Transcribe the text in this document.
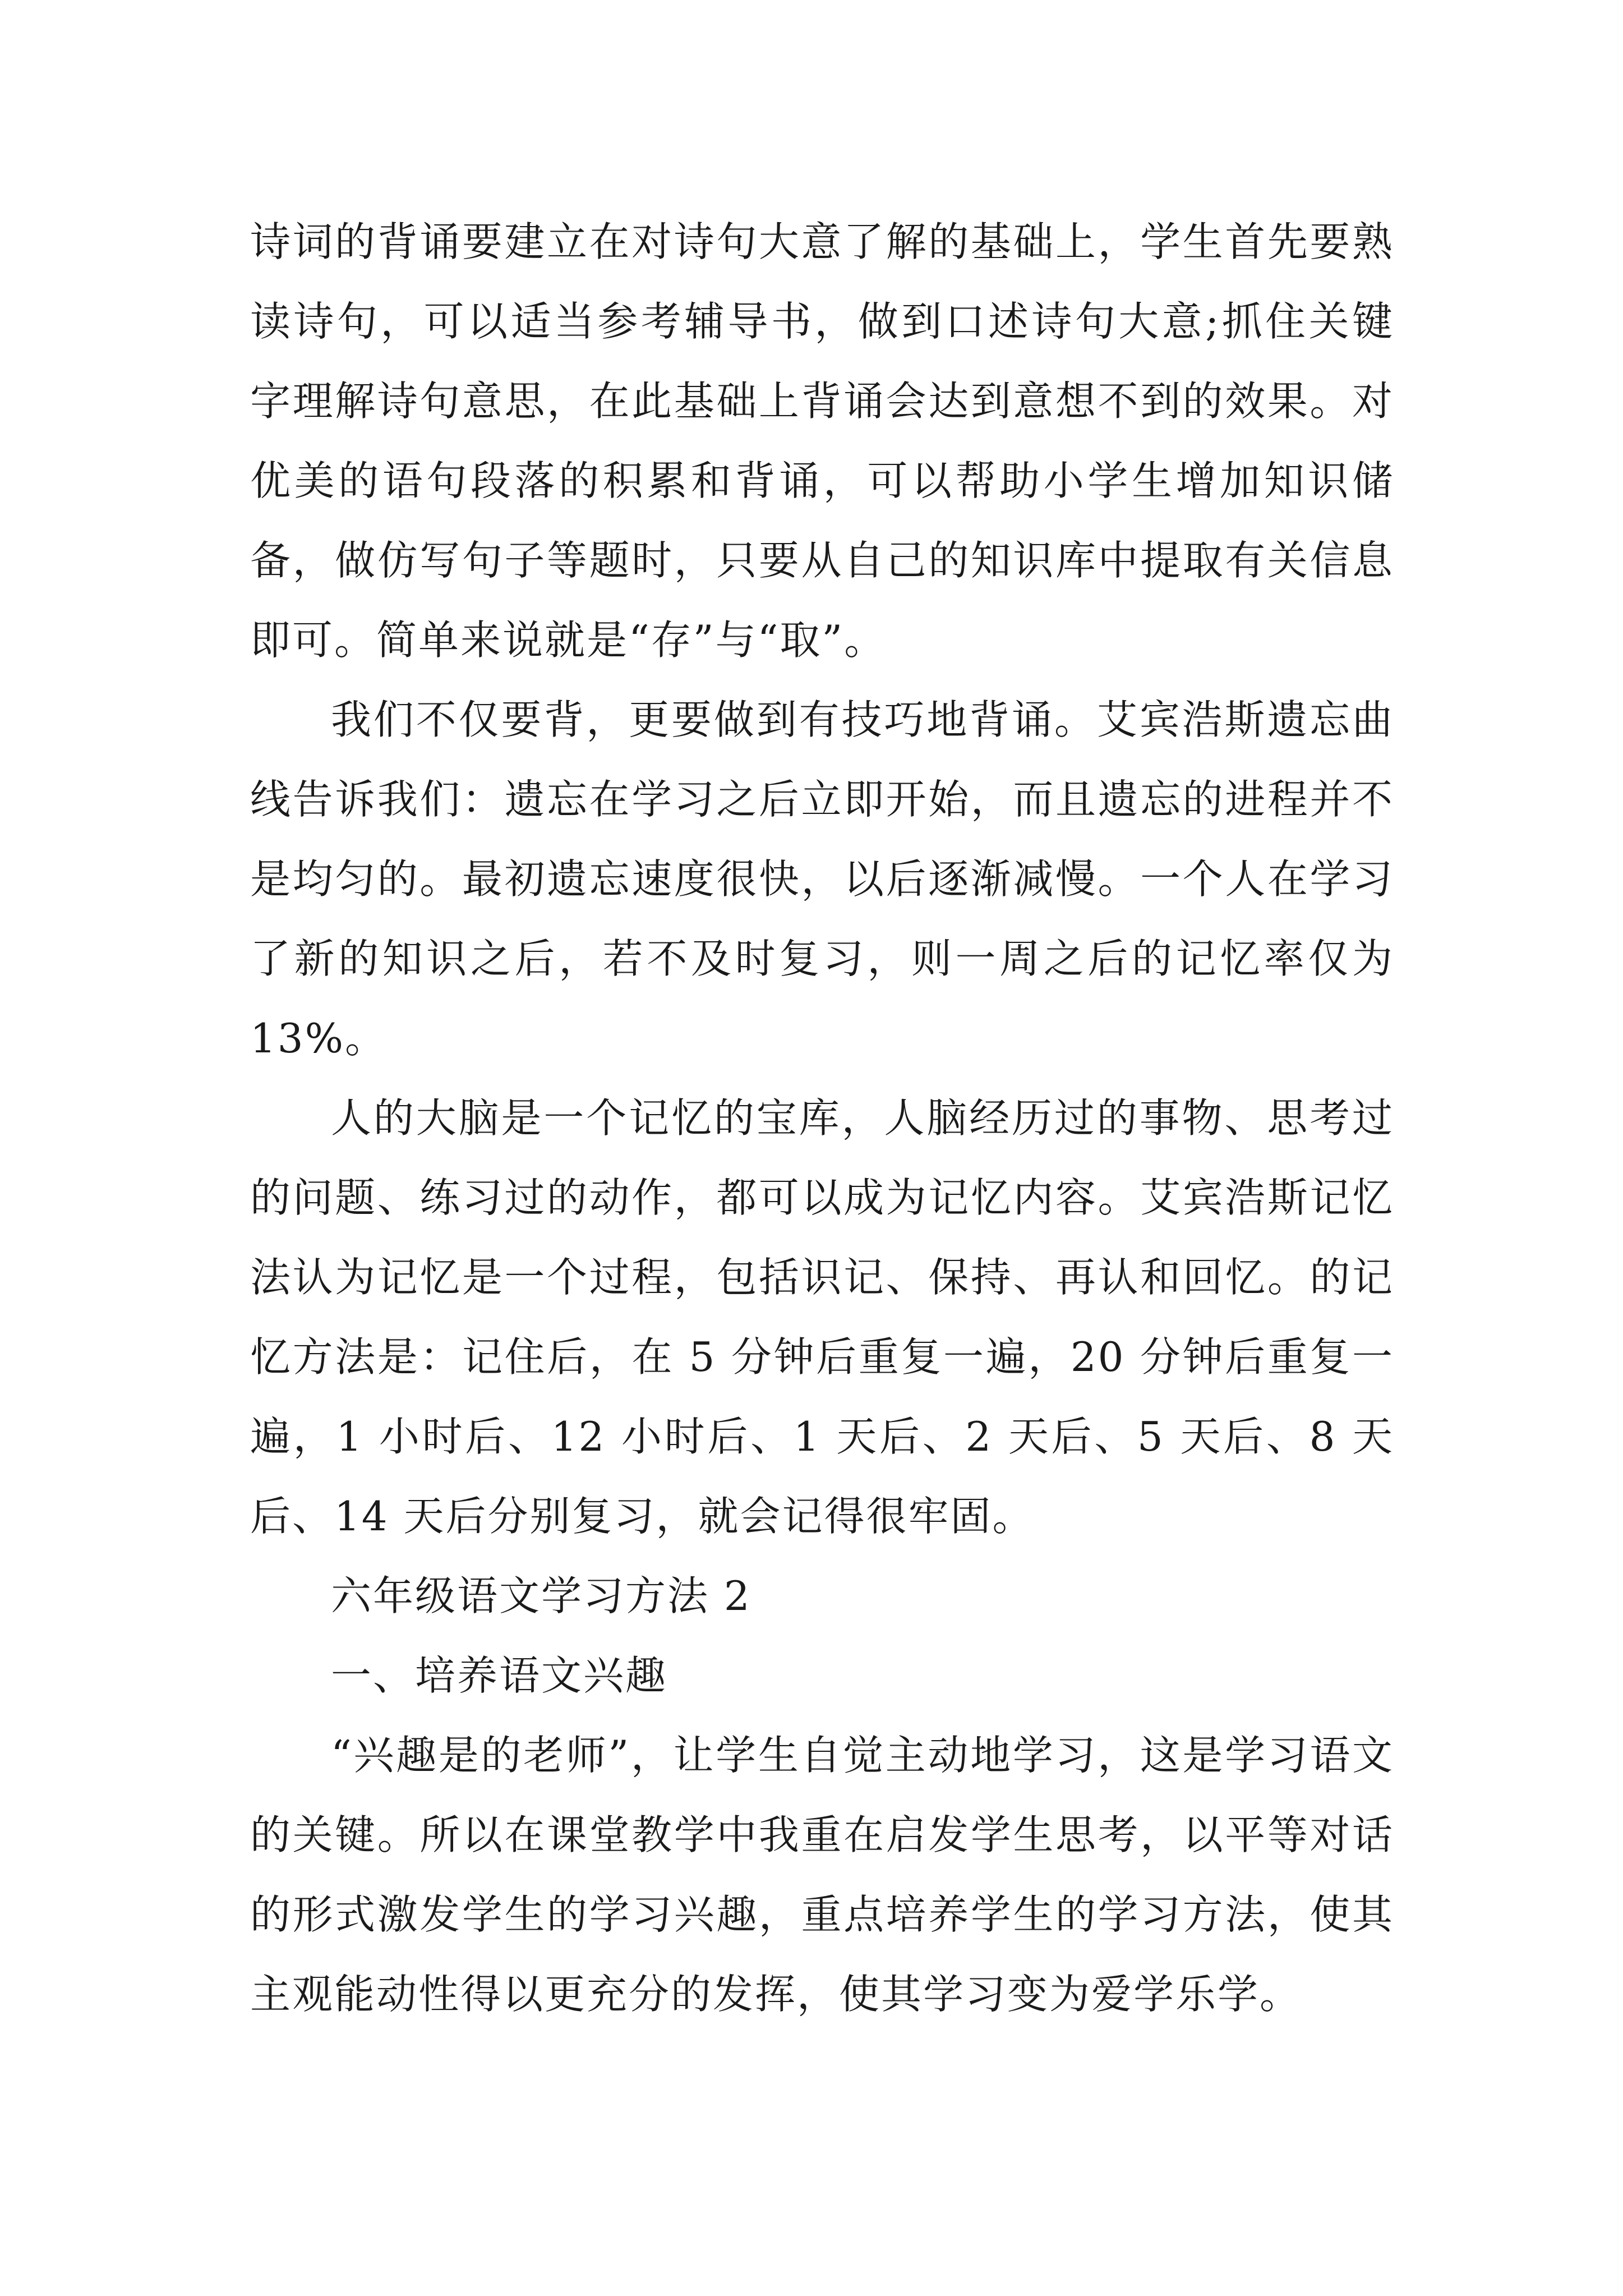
诗词的背诵要建立在对诗句大意了解的基础上，学生首先要熟读诗句，可以适当参考辅导书，做到口述诗句大意;抓住关键字理解诗句意思，在此基础上背诵会达到意想不到的效果。对优美的语句段落的积累和背诵，可以帮助小学生增加知识储备，做仿写句子等题时，只要从自己的知识库中提取有关信息即可。简单来说就是“存”与“取”。

我们不仅要背，更要做到有技巧地背诵。艾宾浩斯遗忘曲线告诉我们：遗忘在学习之后立即开始，而且遗忘的进程并不是均匀的。最初遗忘速度很快，以后逐渐减慢。一个人在学习了新的知识之后，若不及时复习，则一周之后的记忆率仅为 13%。

人的大脑是一个记忆的宝库，人脑经历过的事物、思考过的问题、练习过的动作，都可以成为记忆内容。艾宾浩斯记忆法认为记忆是一个过程，包括识记、保持、再认和回忆。的记忆方法是：记住后，在 5 分钟后重复一遍，20 分钟后重复一遍，1 小时后、12 小时后、1 天后、2 天后、5 天后、8 天后、14 天后分别复习，就会记得很牢固。

六年级语文学习方法 2

一、培养语文兴趣

“兴趣是的老师”，让学生自觉主动地学习，这是学习语文的关键。所以在课堂教学中我重在启发学生思考，以平等对话的形式激发学生的学习兴趣，重点培养学生的学习方法，使其主观能动性得以更充分的发挥，使其学习变为爱学乐学。
